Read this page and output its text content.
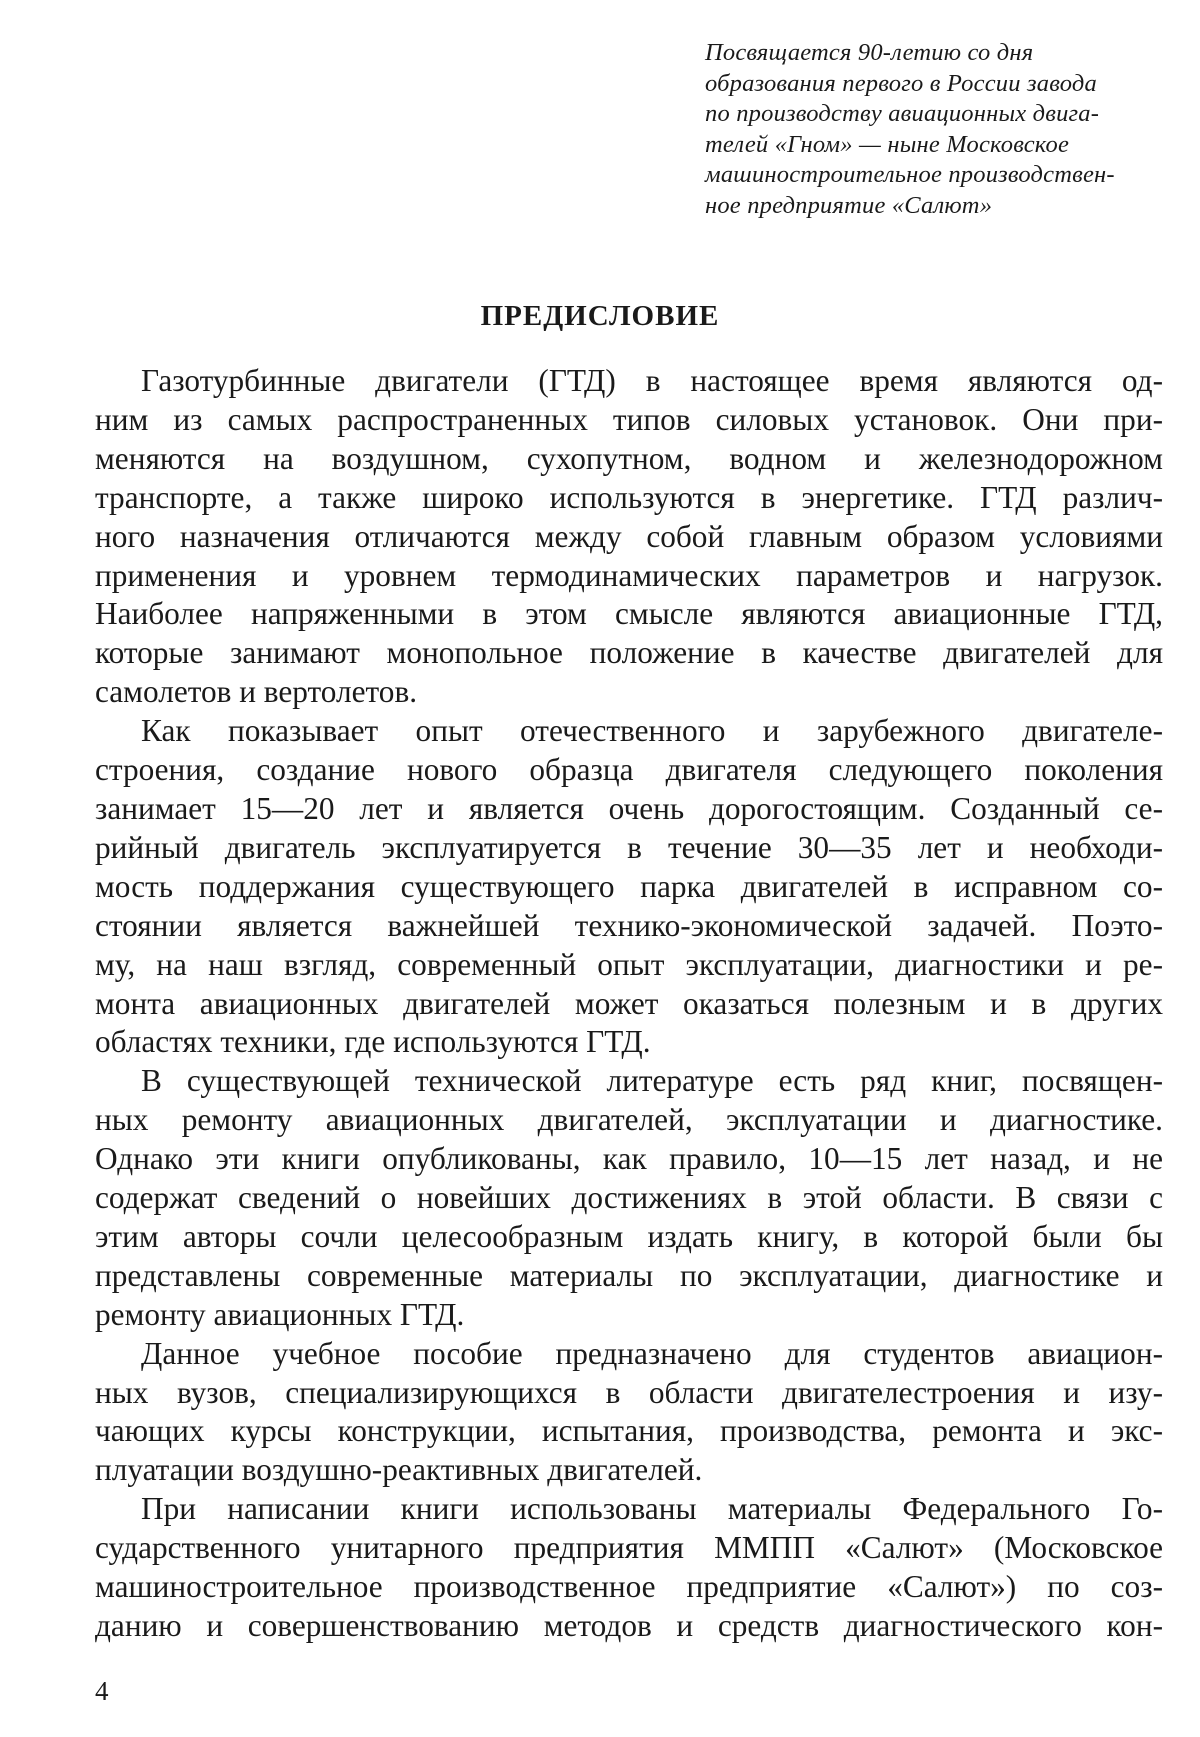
Посвящается 90-летию со дня
образования первого в России завода
по производству авиационных двига-
телей «Гном» — ныне Московское
машиностроительное производствен-
ное предприятие «Салют»
ПРЕДИСЛОВИЕ

Газотурбинные двигатели (ГТД) в настоящее время являются од-
ним из самых распространенных типов силовых установок. Они при-
меняются на воздушном, сухопутном, водном и железнодорожном
транспорте, а также широко используются в энергетике. ГТД различ-
ного назначения отличаются между собой главным образом условиями
применения и уровнем термодинамических параметров и нагрузок.
Наиболее напряженными в этом смысле являются авиационные ГТД,
которые занимают монопольное положение в качестве двигателей для
самолетов и вертолетов.

Как показывает опыт отечественного и зарубежного двигателе-
строения, создание нового образца двигателя следующего поколения
занимает 15—20 лет и является очень дорогостоящим. Созданный се-
рийный двигатель эксплуатируется в течение 30—35 лет и необходи-
мость поддержания существующего парка двигателей в исправном со-
стоянии является важнейшей технико-экономической задачей. Поэто-
му, на наш взгляд, современный опыт эксплуатации, диагностики и ре-
монта авиационных двигателей может оказаться полезным и в других
областях техники, где используются ГТД.

В существующей технической литературе есть ряд книг, посвящен-
ных ремонту авиационных двигателей, эксплуатации и диагностике.
Однако эти книги опубликованы, как правило, 10—15 лет назад, и не
содержат сведений о новейших достижениях в этой области. В связи с
этим авторы сочли целесообразным издать книгу, в которой были бы
представлены современные материалы по эксплуатации, диагностике и
ремонту авиационных ГТД.

Данное учебное пособие предназначено для студентов авиацион-
ных вузов, специализирующихся в области двигателестроения и изу-
чающих курсы конструкции, испытания, производства, ремонта и экс-
плуатации воздушно-реактивных двигателей.

При написании книги использованы материалы Федерального Го-
сударственного унитарного предприятия ММПП «Салют» (Московское
машиностроительное производственное предприятие «Салют») по соз-
данию и совершенствованию методов и средств диагностического кон-

4
